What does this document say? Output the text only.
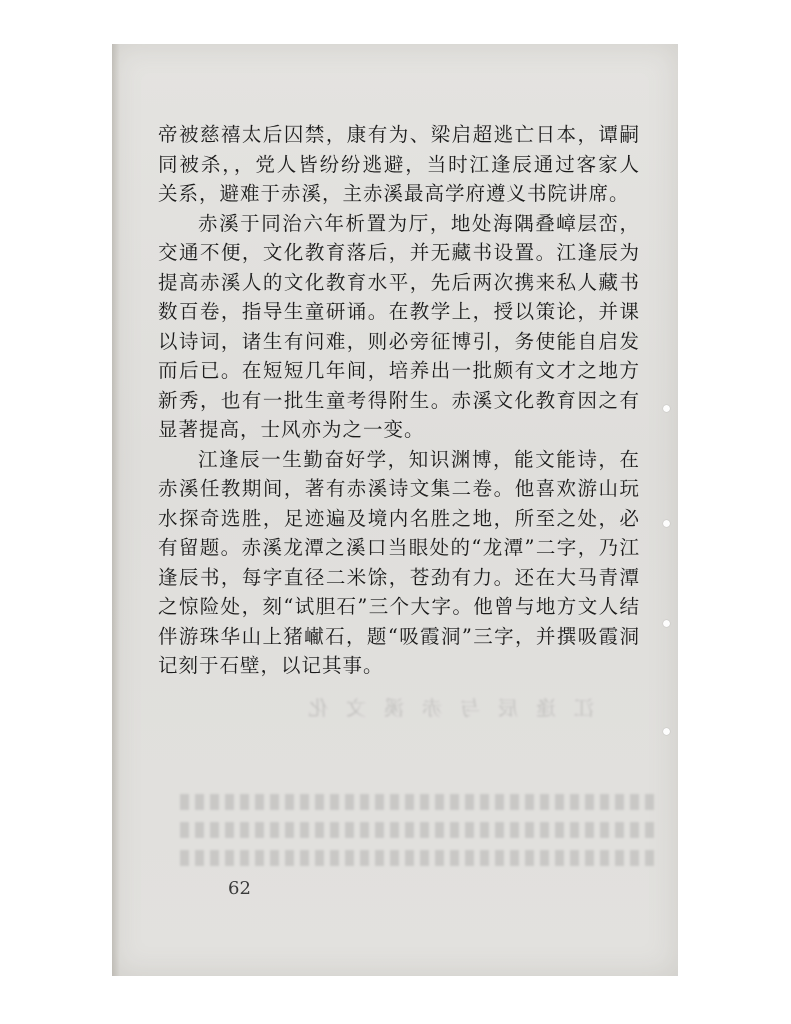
江逢辰与赤溪文化

帝被慈禧太后囚禁，康有为、梁启超逃亡日本，谭嗣同被杀，，党人皆纷纷逃避，当时江逢辰通过客家人关系，避难于赤溪，主赤溪最高学府遵义书院讲席。

赤溪于同治六年析置为厅，地处海隅叠嶂层峦，交通不便，文化教育落后，并无藏书设置。江逢辰为提高赤溪人的文化教育水平，先后两次携来私人藏书数百卷，指导生童研诵。在教学上，授以策论，并课以诗词，诸生有问难，则必旁征博引，务使能自启发而后已。在短短几年间，培养出一批颇有文才之地方新秀，也有一批生童考得附生。赤溪文化教育因之有显著提高，士风亦为之一变。

江逢辰一生勤奋好学，知识渊博，能文能诗，在赤溪任教期间，著有赤溪诗文集二卷。他喜欢游山玩水探奇选胜，足迹遍及境内名胜之地，所至之处，必有留题。赤溪龙潭之溪口当眼处的“龙潭”二字，乃江逢辰书，每字直径二米馀，苍劲有力。还在大马青潭之惊险处，刻“试胆石”三个大字。他曾与地方文人结伴游珠华山上猪𪩘石，题“吸霞洞”三字，并撰吸霞洞记刻于石壁，以记其事。

62
